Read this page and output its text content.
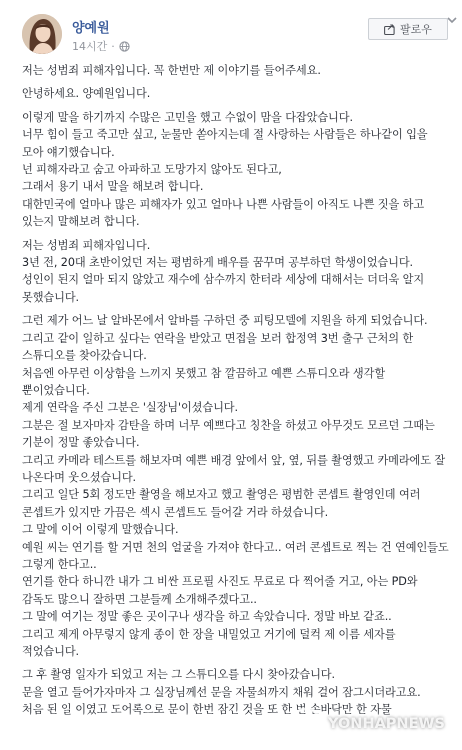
양예원
14시간 ·
팔로우

저는 성범죄 피해자입니다. 꼭 한번만 제 이야기를 들어주세요.

안녕하세요. 양예원입니다.

이렇게 말을 하기까지 수많은 고민을 했고 수없이 맘을 다잡았습니다.
너무 힘이 들고 죽고만 싶고, 눈물만 쏟아지는데 절 사랑하는 사람들은 하나같이 입을 모아 얘기했습니다.
넌 피해자라고 숨고 아파하고 도망가지 않아도 된다고,
그래서 용기 내서 말을 해보려 합니다.
대한민국에 얼마나 많은 피해자가 있고 얼마나 나쁜 사람들이 아직도 나쁜 짓을 하고 있는지 말해보려 합니다.

저는 성범죄 피해자입니다.
3년 전, 20대 초반이었던 저는 평범하게 배우를 꿈꾸며 공부하던 학생이었습니다.
성인이 된지 얼마 되지 않았고 재수에 삼수까지 한터라 세상에 대해서는 더더욱 알지 못했습니다.

그런 제가 어느 날 알바몬에서 알바를 구하던 중 피팅모델에 지원을 하게 되었습니다.
그리고 같이 일하고 싶다는 연락을 받았고 면접을 보러 합정역 3번 출구 근처의 한 스튜디오를 찾아갔습니다.
처음엔 아무런 이상함을 느끼지 못했고 참 깔끔하고 예쁜 스튜디오라 생각할 뿐이었습니다.
제게 연락을 주신 그분은 '실장님'이셨습니다.
그분은 절 보자마자 감탄을 하며 너무 예쁘다고 칭찬을 하셨고 아무것도 모르던 그때는 기분이 정말 좋았습니다.
그리고 카메라 테스트를 해보자며 예쁜 배경 앞에서 앞, 옆, 뒤를 촬영했고 카메라에도 잘 나온다며 웃으셨습니다.
그리고 일단 5회 정도만 촬영을 해보자고 했고 촬영은 평범한 콘셉트 촬영인데 여러 콘셉트가 있지만 가끔은 섹시 콘셉트도 들어갈 거라 하셨습니다.
그 말에 이어 이렇게 말했습니다.
예원 씨는 연기를 할 거면 천의 얼굴을 가져야 한다고.. 여러 콘셉트로 찍는 건 연예인들도 그렇게 한다고..
연기를 한다 하니깐 내가 그 비싼 프로필 사진도 무료로 다 찍어줄 거고, 아는 PD와 감독도 많으니 잘하면 그분들께 소개해주겠다고..
그 말에 여기는 정말 좋은 곳이구나 생각을 하고 속았습니다. 정말 바보 같죠..
그리고 제게 아무렇지 않게 종이 한 장을 내밀었고 거기에 덜컥 제 이름 세자를 적었습니다.

그 후 촬영 일자가 되었고 저는 그 스튜디오를 다시 찾아갔습니다.
문을 열고 들어가자마자 그 실장님께선 문을 자물쇠까지 채워 걸어 잠그시더라고요.
처음 된 일 이였고 도어록으로 문이 한번 잠긴 것을 또 한 번 손바닥만 한 자물

YONHAPNEWS
